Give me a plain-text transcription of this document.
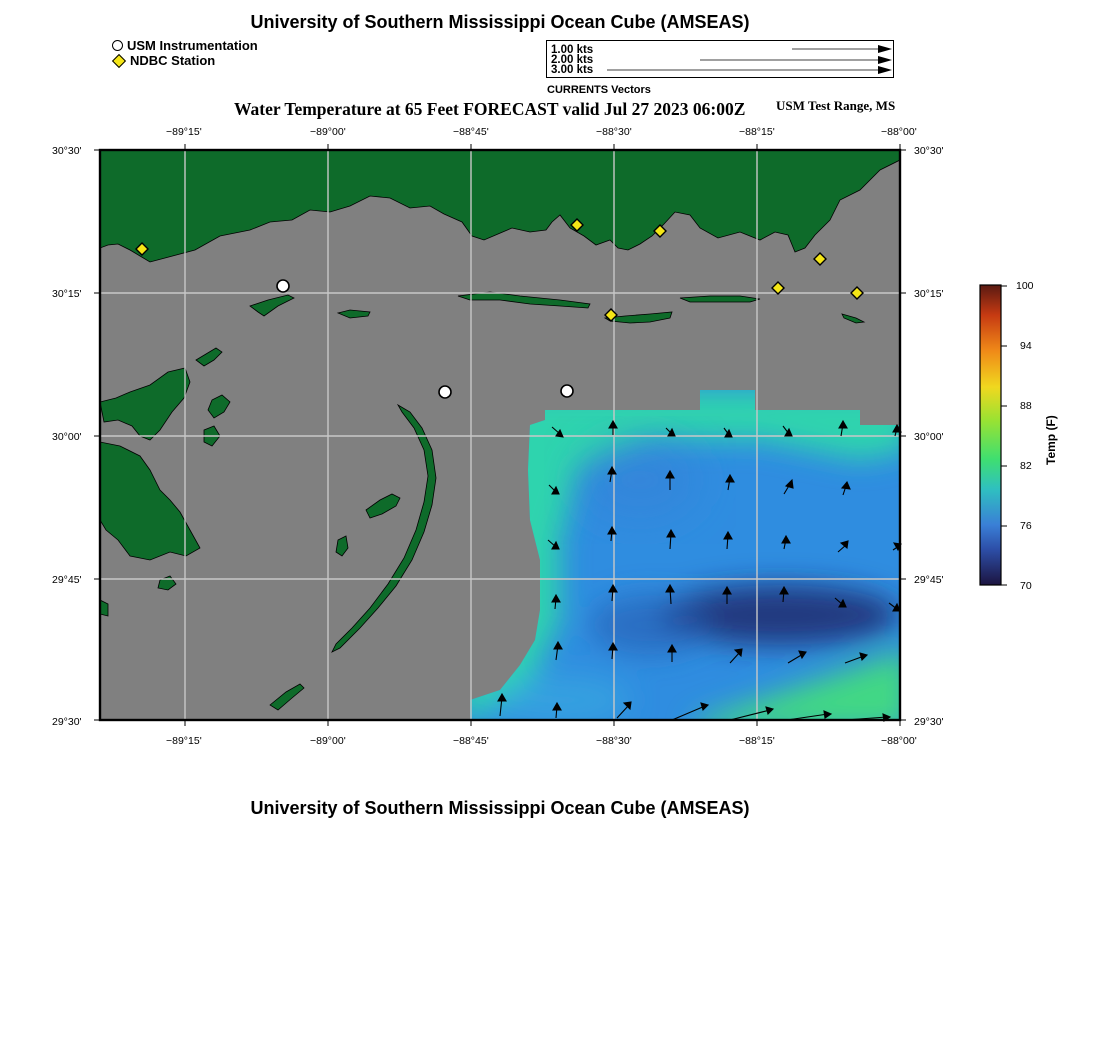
University of Southern Mississippi Ocean Cube (AMSEAS)
USM Instrumentation
NDBC Station
1.00 kts
2.00 kts
3.00 kts
CURRENTS Vectors
Water Temperature at 65 Feet FORECAST valid Jul 27 2023 06:00Z USM Test Range, MS
−89°15'	−89°00'	−88°45'	−88°30'	−88°15'	−88°00'
−89°15'	−89°00'	−88°45'	−88°30'	−88°15'	−88°00'
30°30'
30°15'
30°00'
29°45'
29°30'
30°30'
30°15'
30°00'
29°45'
29°30'
100
94
88
82
76
70
Temp (F)
University of Southern Mississippi Ocean Cube (AMSEAS)
